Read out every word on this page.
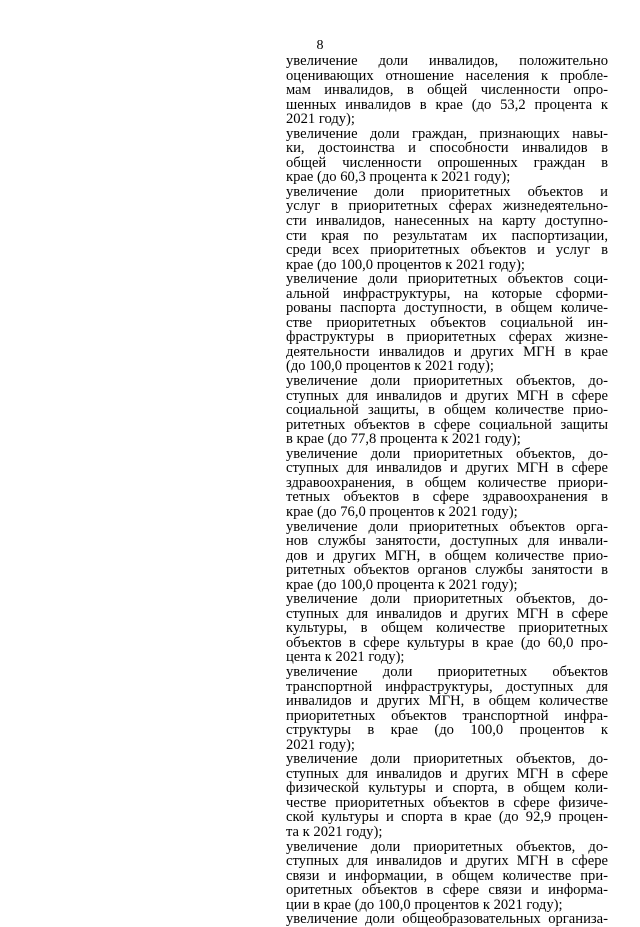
8
увеличение доли инвалидов, положительно
оценивающих отношение населения к пробле-
мам инвалидов, в общей численности опро-
шенных инвалидов в крае (до 53,2 процента к
2021 году);
увеличение доли граждан, признающих навы-
ки, достоинства и способности инвалидов в
общей численности опрошенных граждан в
крае (до 60,3 процента к 2021 году);
увеличение доли приоритетных объектов и
услуг в приоритетных сферах жизнедеятельно-
сти инвалидов, нанесенных на карту доступно-
сти края по результатам их паспортизации,
среди всех приоритетных объектов и услуг в
крае (до 100,0 процентов к 2021 году);
увеличение доли приоритетных объектов соци-
альной инфраструктуры, на которые сформи-
рованы паспорта доступности, в общем количе-
стве приоритетных объектов социальной ин-
фраструктуры в приоритетных сферах жизне-
деятельности инвалидов и других МГН в крае
(до 100,0 процентов к 2021 году);
увеличение доли приоритетных объектов, до-
ступных для инвалидов и других МГН в сфере
социальной защиты, в общем количестве прио-
ритетных объектов в сфере социальной защиты
в крае (до 77,8 процента к 2021 году);
увеличение доли приоритетных объектов, до-
ступных для инвалидов и других МГН в сфере
здравоохранения, в общем количестве приори-
тетных объектов в сфере здравоохранения в
крае (до 76,0 процентов к 2021 году);
увеличение доли приоритетных объектов орга-
нов службы занятости, доступных для инвали-
дов и других МГН, в общем количестве прио-
ритетных объектов органов службы занятости в
крае (до 100,0 процента к 2021 году);
увеличение доли приоритетных объектов, до-
ступных для инвалидов и других МГН в сфере
культуры, в общем количестве приоритетных
объектов в сфере культуры в крае (до 60,0 про-
цента к 2021 году);
увеличение доли приоритетных объектов
транспортной инфраструктуры, доступных для
инвалидов и других МГН, в общем количестве
приоритетных объектов транспортной инфра-
структуры в крае (до 100,0 процентов к
2021 году);
увеличение доли приоритетных объектов, до-
ступных для инвалидов и других МГН в сфере
физической культуры и спорта, в общем коли-
честве приоритетных объектов в сфере физиче-
ской культуры и спорта в крае (до 92,9 процен-
та к 2021 году);
увеличение доли приоритетных объектов, до-
ступных для инвалидов и других МГН в сфере
связи и информации, в общем количестве при-
оритетных объектов в сфере связи и информа-
ции в крае (до 100,0 процентов к 2021 году);
увеличение доли общеобразовательных организа-
